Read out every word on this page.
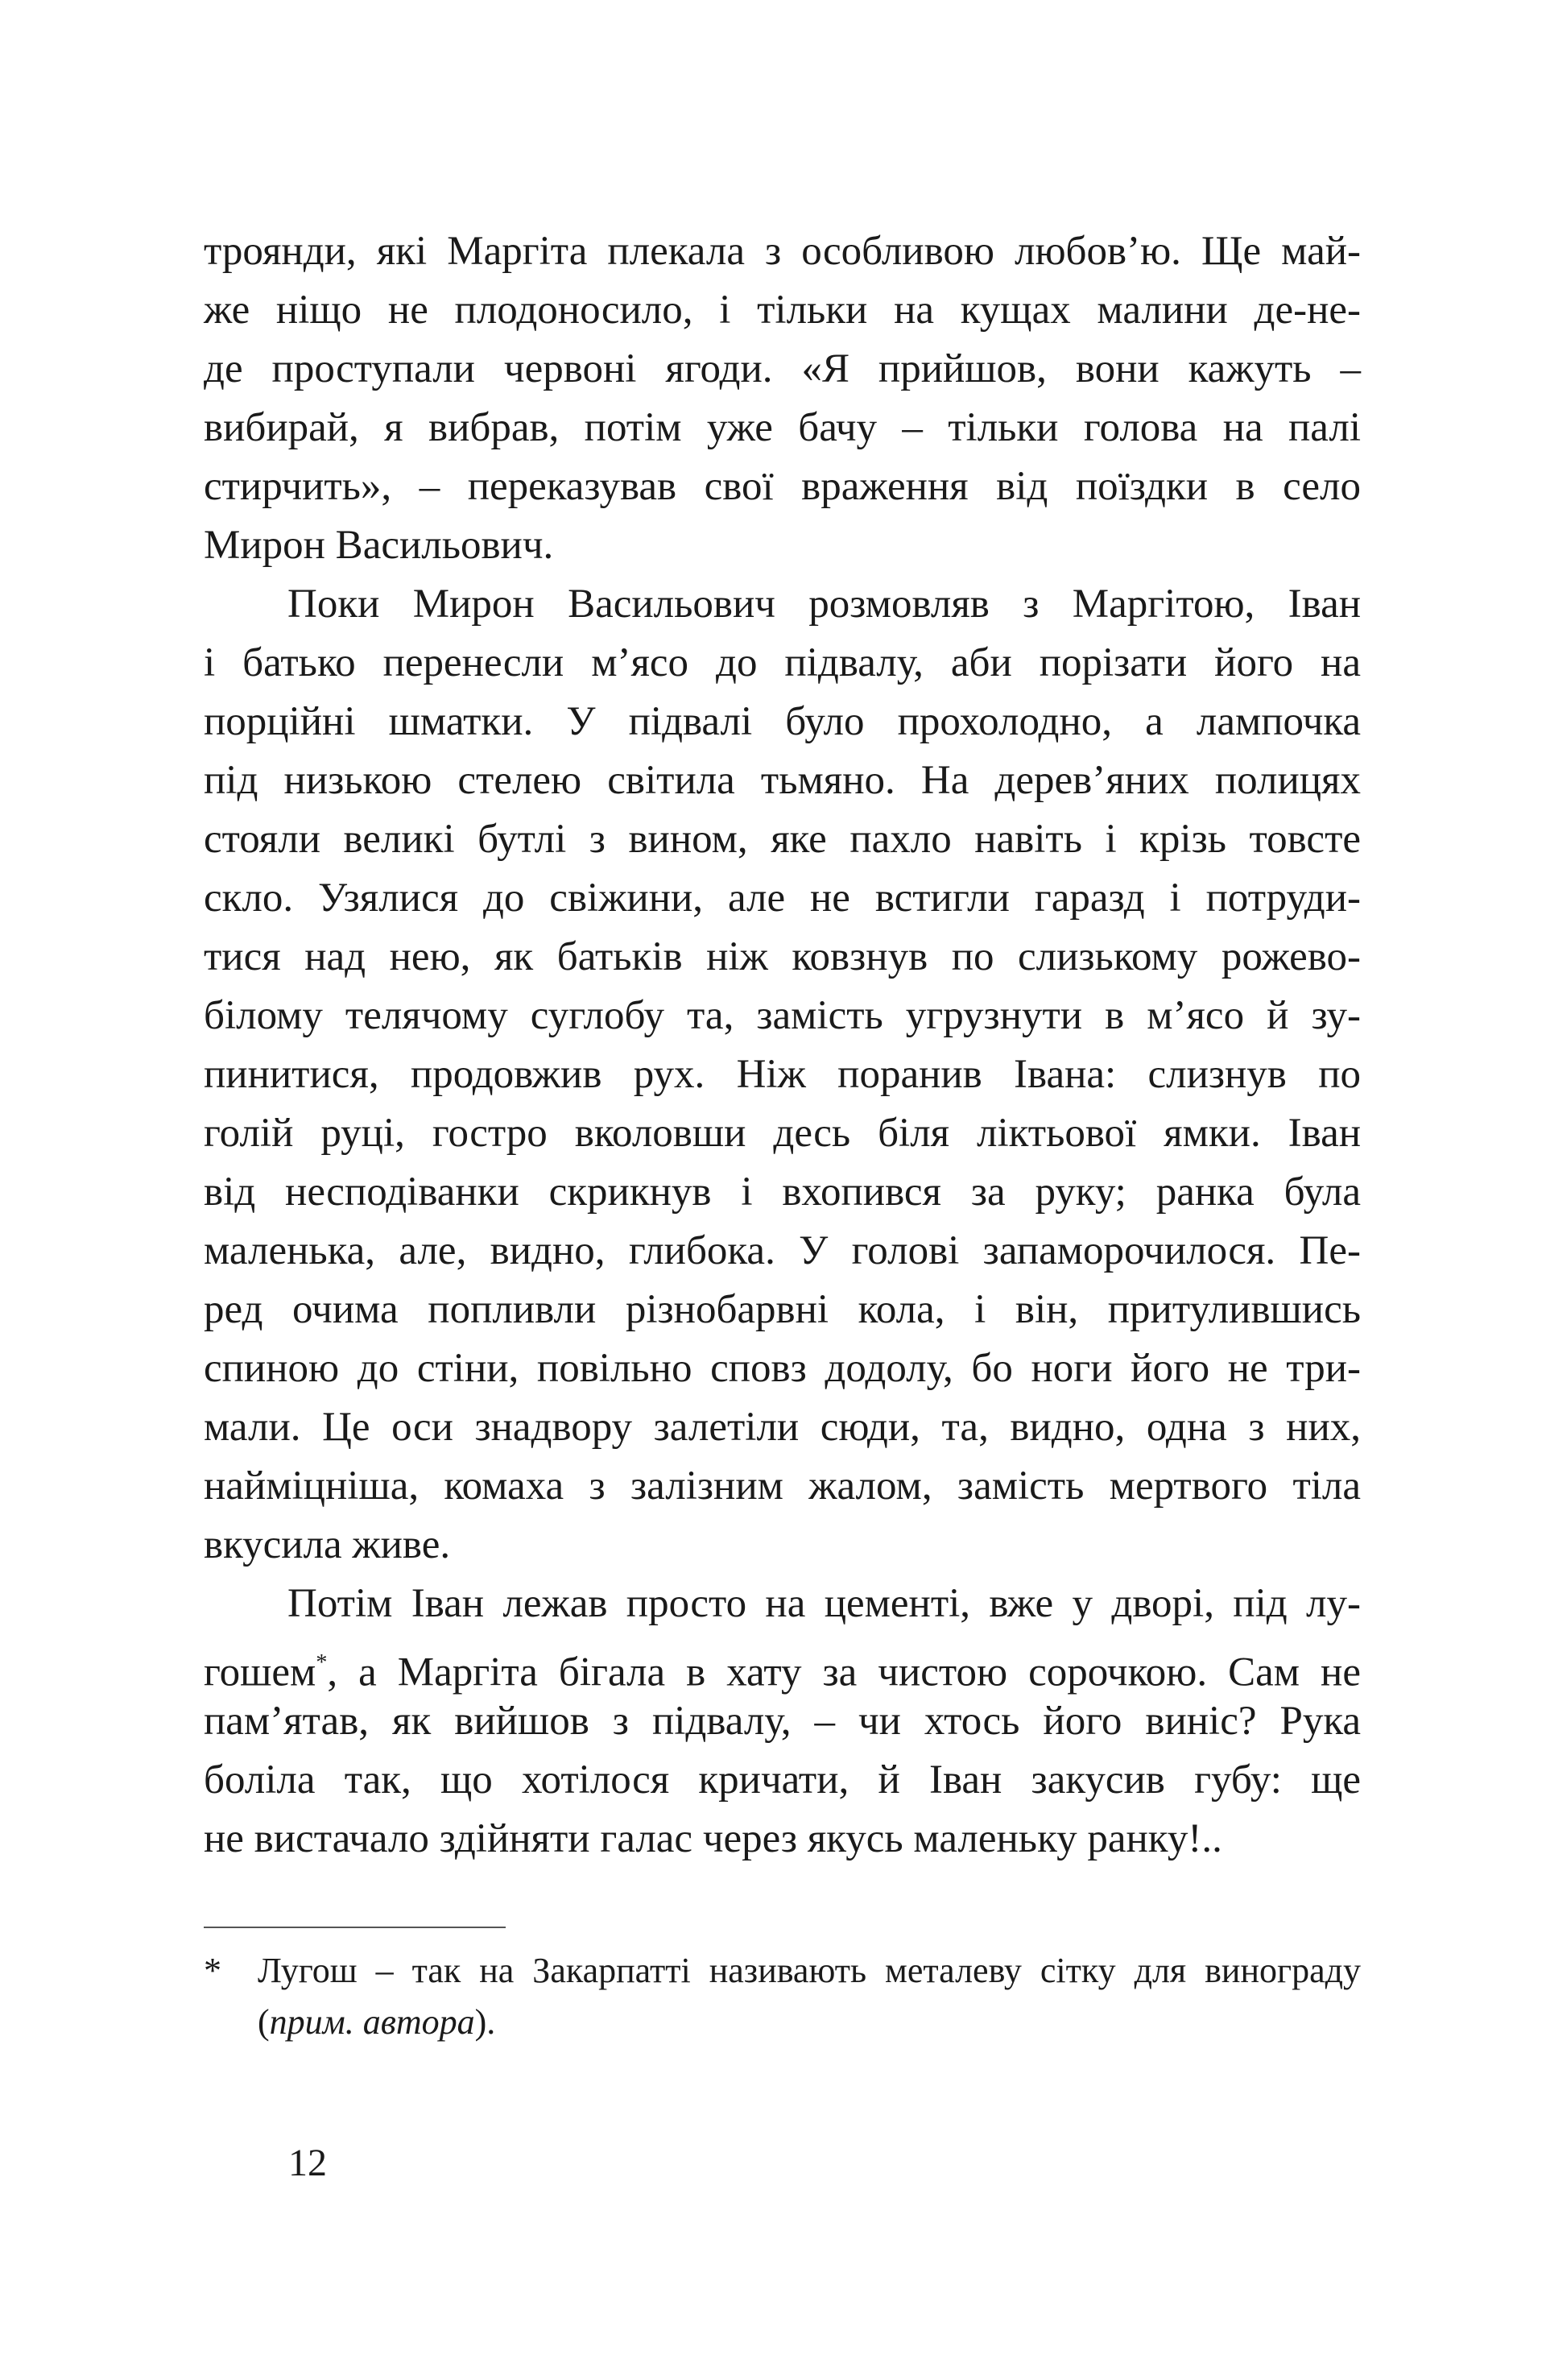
троянди, які Маргіта плекала з особливою любов’ю. Ще май-
же ніщо не плодоносило, і тільки на кущах малини де-не-
де проступали червоні ягоди. «Я прийшов, вони кажуть –
вибирай, я вибрав, потім уже бачу – тільки голова на палі
стирчить», – переказував свої враження від поїздки в село
Мирон Васильович.
Поки Мирон Васильович розмовляв з Маргітою, Іван
і батько перенесли м’ясо до підвалу, аби порізати його на
порційні шматки. У підвалі було прохолодно, а лампочка
під низькою стелею світила тьмяно. На дерев’яних полицях
стояли великі бутлі з вином, яке пахло навіть і крізь товсте
скло. Узялися до свіжини, але не встигли гаразд і потруди-
тися над нею, як батьків ніж ковзнув по слизькому рожево-
білому телячому суглобу та, замість угрузнути в м’ясо й зу-
пинитися, продовжив рух. Ніж поранив Івана: слизнув по
голій руці, гостро вколовши десь біля ліктьової ямки. Іван
від несподіванки скрикнув і вхопився за руку; ранка була
маленька, але, видно, глибока. У голові запаморочилося. Пе-
ред очима попливли різнобарвні кола, і він, притулившись
спиною до стіни, повільно сповз додолу, бо ноги його не три-
мали. Це оси знадвору залетіли сюди, та, видно, одна з них,
найміцніша, комаха з залізним жалом, замість мертвого тіла
вкусила живе.
Потім Іван лежав просто на цементі, вже у дворі, під лу-
гошем*, а Маргіта бігала в хату за чистою сорочкою. Сам не
пам’ятав, як вийшов з підвалу, – чи хтось його виніс? Рука
боліла так, що хотілося кричати, й Іван закусив губу: ще
не вистачало здійняти галас через якусь маленьку ранку!..
* Лугош – так на Закарпатті називають металеву сітку для винограду
(прим. автора).
12
